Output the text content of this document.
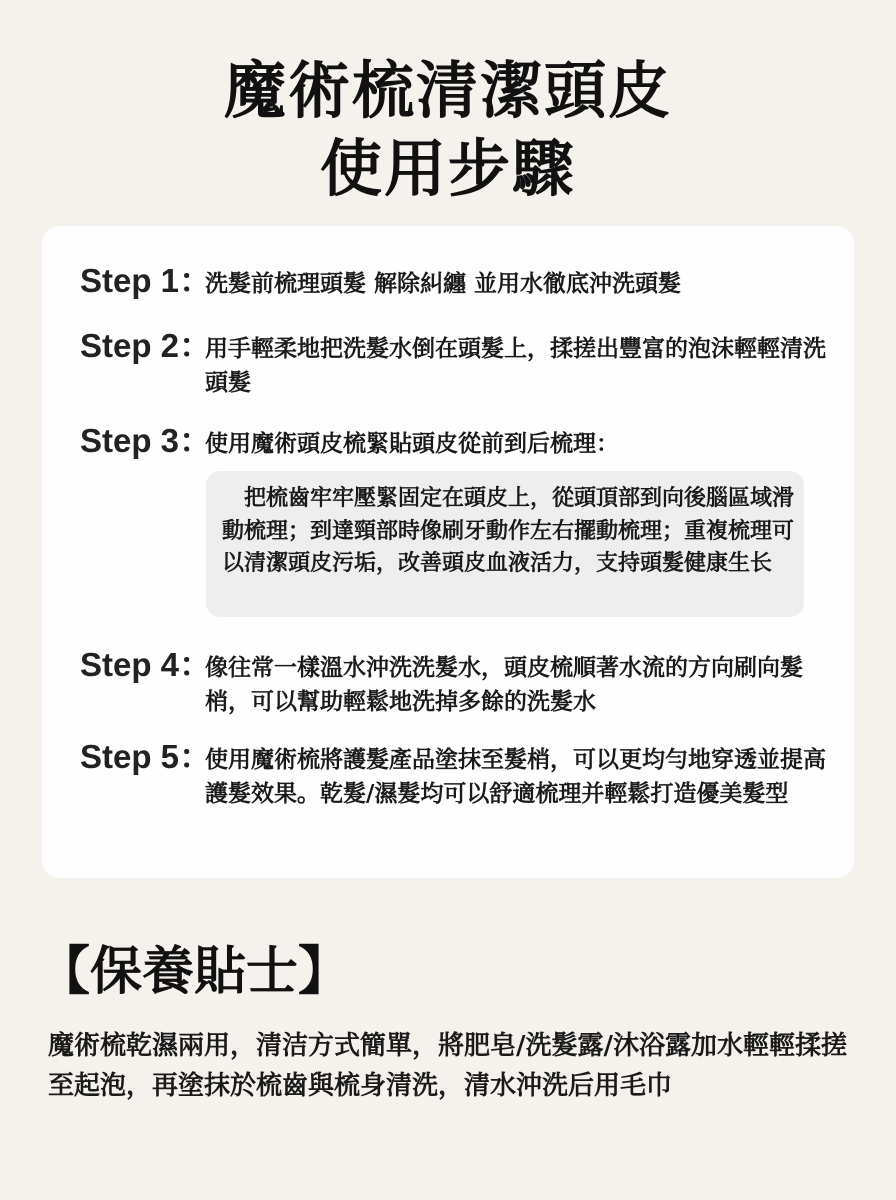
魔術梳清潔頭皮
使用步驟
Step 1：
洗髮前梳理頭髮 解除糾纏 並用水徹底沖洗頭髮
Step 2：
用手輕柔地把洗髮水倒在頭髮上，揉搓出豐富的泡沫輕輕清洗頭髮
Step 3：
使用魔術頭皮梳緊貼頭皮從前到后梳理：
把梳齒牢牢壓緊固定在頭皮上，從頭頂部到向後腦區域滑動梳理；到達頸部時像刷牙動作左右擺動梳理；重複梳理可以清潔頭皮污垢，改善頭皮血液活力，支持頭髮健康生长
Step 4：
像往常一樣溫水沖洗洗髮水，頭皮梳順著水流的方向刷向髮梢，可以幫助輕鬆地洗掉多餘的洗髮水
Step 5：
使用魔術梳將護髮產品塗抹至髮梢，可以更均勻地穿透並提高護髮效果。乾髮/濕髮均可以舒適梳理并輕鬆打造優美髮型
【保養貼士】
魔術梳乾濕兩用，清洁方式簡單，將肥皂/洗髮露/沐浴露加水輕輕揉搓至起泡，再塗抹於梳齒與梳身清洗，清水沖洗后用毛巾
